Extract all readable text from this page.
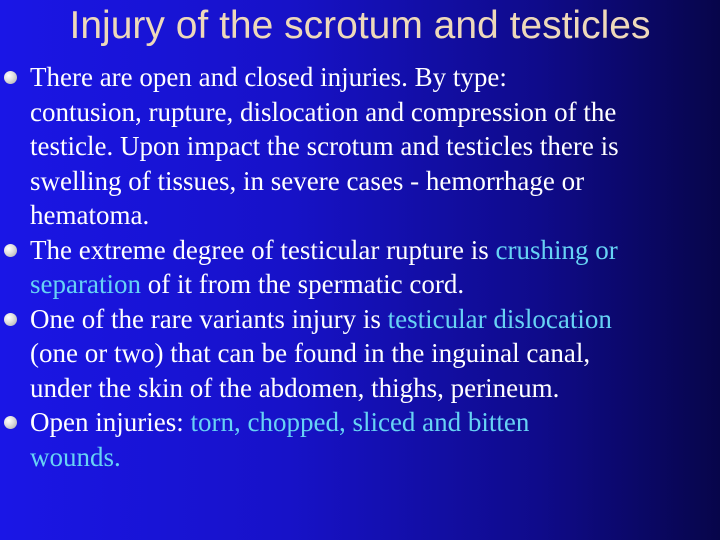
Injury of the scrotum and testicles
There are open and closed injuries. By type:
contusion, rupture, dislocation and compression of the
testicle. Upon impact the scrotum and testicles there is
swelling of tissues, in severe cases - hemorrhage or
hematoma.
The extreme degree of testicular rupture is crushing or
separation of it from the spermatic cord.
One of the rare variants injury is testicular dislocation
(one or two) that can be found in the inguinal canal,
under the skin of the abdomen, thighs, perineum.
Open injuries: torn, chopped, sliced and bitten
wounds.
